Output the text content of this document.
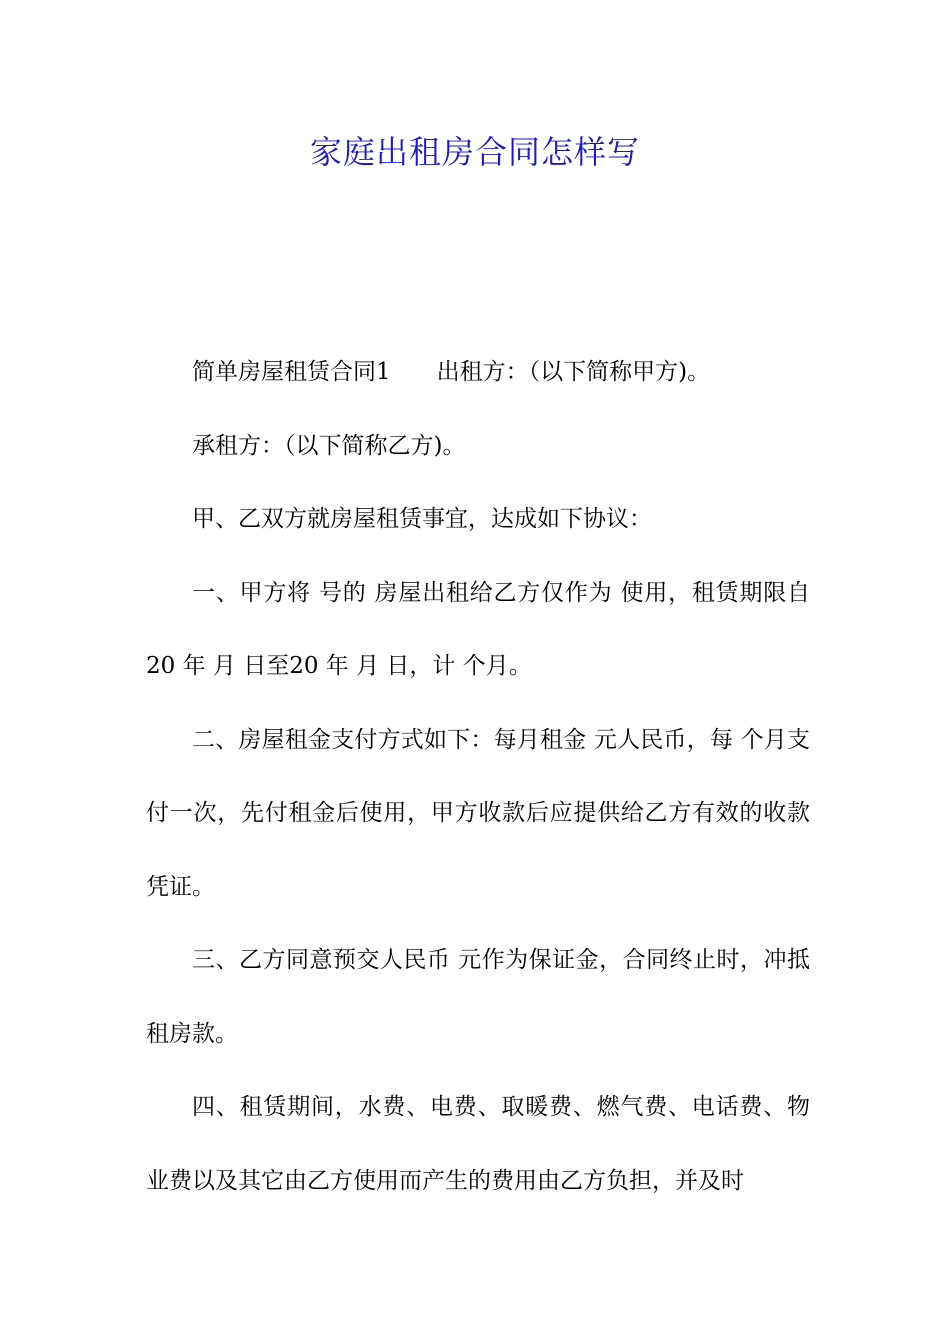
家庭出租房合同怎样写

简单房屋租赁合同1　　出租方：（以下简称甲方)。

承租方：（以下简称乙方)。

甲、乙双方就房屋租赁事宜，达成如下协议：

一、甲方将 号的 房屋出租给乙方仅作为 使用，租赁期限自20 年 月 日至20 年 月 日，计 个月。

二、房屋租金支付方式如下：每月租金 元人民币，每 个月支付一次，先付租金后使用，甲方收款后应提供给乙方有效的收款凭证。

三、乙方同意预交人民币 元作为保证金，合同终止时，冲抵租房款。

四、租赁期间，水费、电费、取暖费、燃气费、电话费、物业费以及其它由乙方使用而产生的费用由乙方负担，并及时
